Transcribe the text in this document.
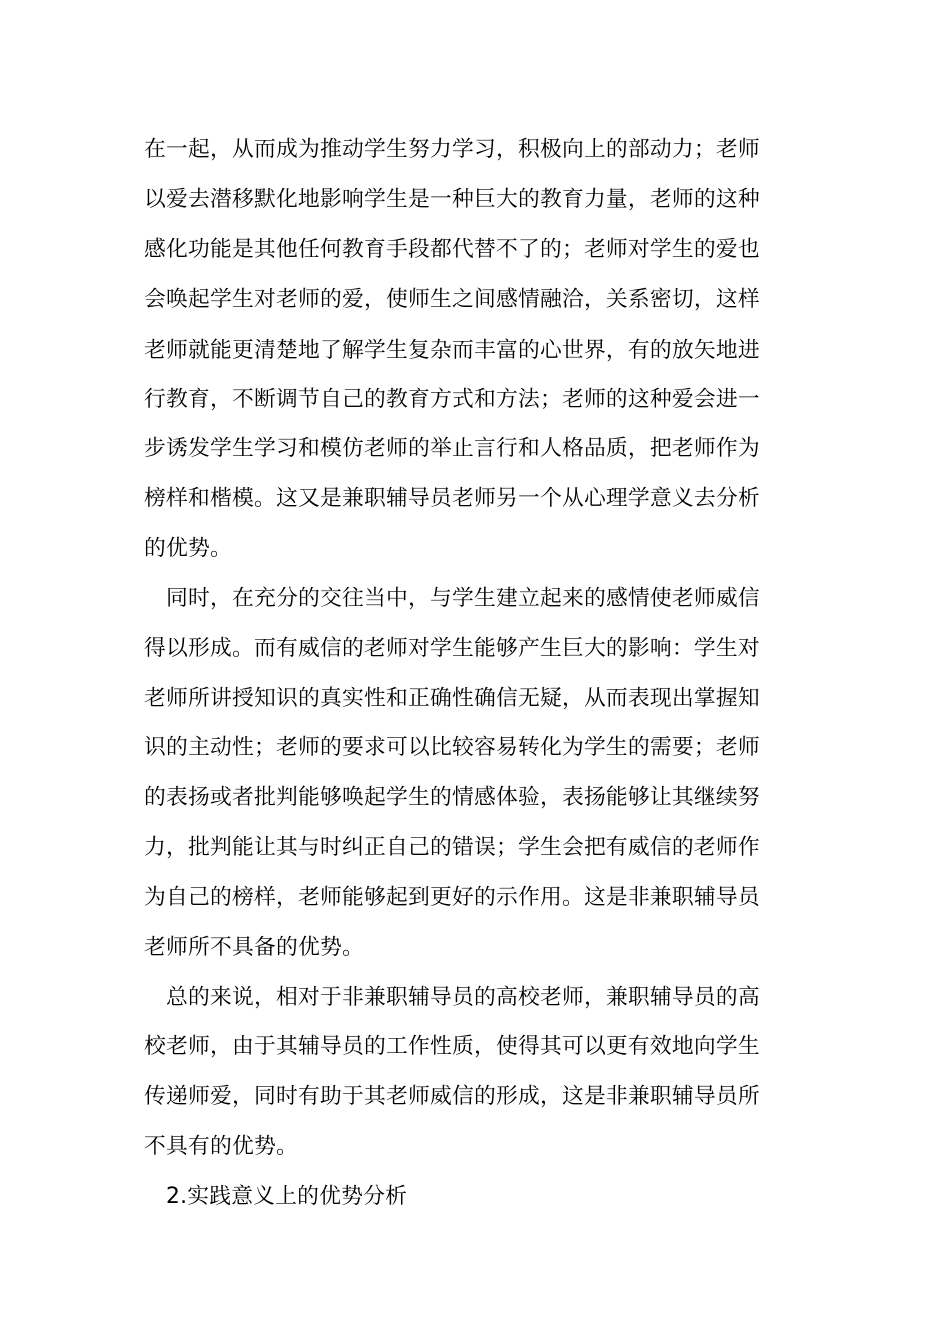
在一起，从而成为推动学生努力学习，积极向上的部动力；老师
以爱去潜移默化地影响学生是一种巨大的教育力量，老师的这种
感化功能是其他任何教育手段都代替不了的；老师对学生的爱也
会唤起学生对老师的爱，使师生之间感情融洽，关系密切，这样
老师就能更清楚地了解学生复杂而丰富的心世界，有的放矢地进
行教育，不断调节自己的教育方式和方法；老师的这种爱会进一
步诱发学生学习和模仿老师的举止言行和人格品质，把老师作为
榜样和楷模。这又是兼职辅导员老师另一个从心理学意义去分析
的优势。
同时，在充分的交往当中，与学生建立起来的感情使老师威信
得以形成。而有威信的老师对学生能够产生巨大的影响：学生对
老师所讲授知识的真实性和正确性确信无疑，从而表现出掌握知
识的主动性；老师的要求可以比较容易转化为学生的需要；老师
的表扬或者批判能够唤起学生的情感体验，表扬能够让其继续努
力，批判能让其与时纠正自己的错误；学生会把有威信的老师作
为自己的榜样，老师能够起到更好的示作用。这是非兼职辅导员
老师所不具备的优势。
总的来说，相对于非兼职辅导员的高校老师，兼职辅导员的高
校老师，由于其辅导员的工作性质，使得其可以更有效地向学生
传递师爱，同时有助于其老师威信的形成，这是非兼职辅导员所
不具有的优势。
2.实践意义上的优势分析
